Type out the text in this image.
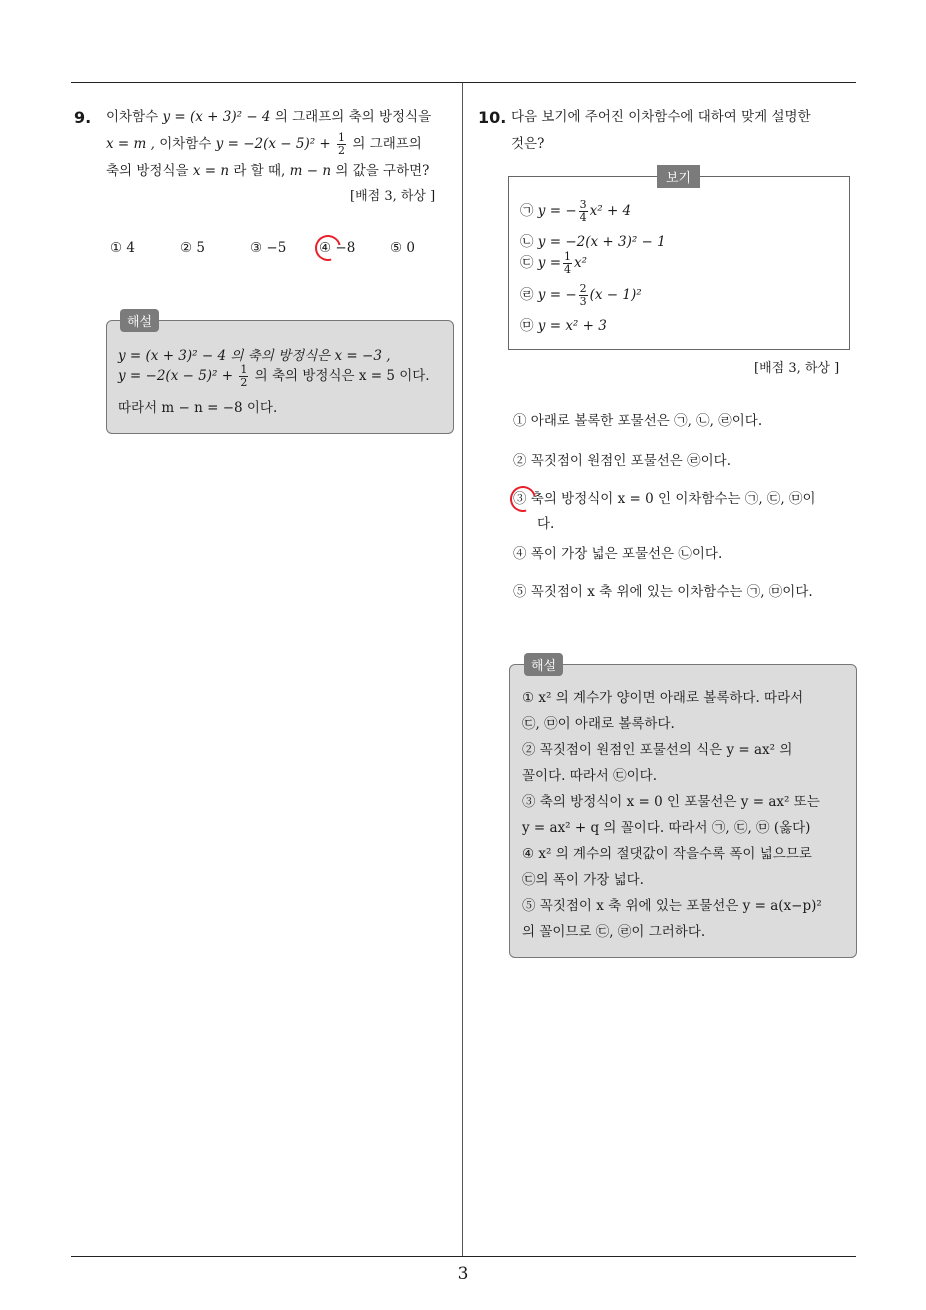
3
9. 이차함수 y = (x + 3)² − 4 의 그래프의 축의 방정식을
x = m , 이차함수 $y = -2(x - 5)^2 + \frac{1}{2}$ 의 그래프의
축의 방정식을 x = n 라 할 때, m − n 의 값을 구하면?
[배점 3, 하상 ]
① 4	② 5	③ −5 ④ −8	⑤ 0
해설
y = (x + 3)² − 4 의 축의 방정식은 x = −3 ,
$y = -2(x - 5)^2 + \frac{1}{2}$ 의 축의 방정식은 x = 5 이다.
따라서 m − n = −8 이다.
10. 다음 보기에 주어진 이차함수에 대하여 맞게 설명한
것은?
보기
㉠ y = − $\frac{3}{4} x^2 + 4$
㉡ y = −2(x + 3)² − 1
㉢ $y = \frac{1}{4} x^2$
㉣ y = − $\frac{2}{3} (x - 1)^2$
㉤ y = x² + 3
[배점 3, 하상 ]
① 아래로 볼록한 포물선은 ㉠, ㉡, ㉣이다.
② 꼭짓점이 원점인 포물선은 ㉣이다.
③ 축의 방정식이 x = 0 인 이차함수는 ㉠, ㉢, ㉤이
다.
④ 폭이 가장 넓은 포물선은 ㉡이다.
⑤ 꼭짓점이 x 축 위에 있는 이차함수는 ㉠, ㉤이다.
해설
① x² 의 계수가 양이면 아래로 볼록하다. 따라서
㉢, ㉤이 아래로 볼록하다.
② 꼭짓점이 원점인 포물선의 식은 y = ax² 의
꼴이다. 따라서 ㉢이다.
③ 축의 방정식이 x = 0 인 포물선은 y = ax² 또는
y = ax² + q 의 꼴이다. 따라서 ㉠, ㉢, ㉤ (옳다)
④ x² 의 계수의 절댓값이 작을수록 폭이 넓으므로
㉢의 폭이 가장 넓다.
⑤ 꼭짓점이 x 축 위에 있는 포물선은 y = a(x−p)²
의 꼴이므로 ㉢, ㉣이 그러하다.
